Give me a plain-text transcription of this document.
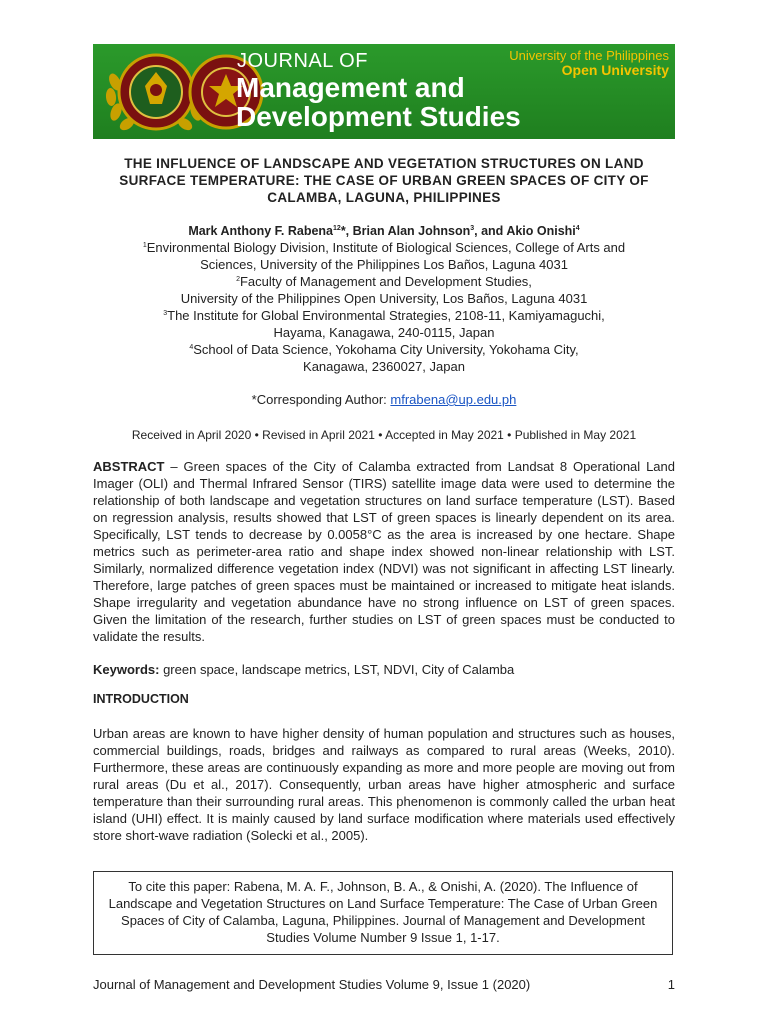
JOURNAL OF
Management and
Development Studies
University of the Philippines
Open University
THE INFLUENCE OF LANDSCAPE AND VEGETATION STRUCTURES ON LAND
SURFACE TEMPERATURE: THE CASE OF URBAN GREEN SPACES OF CITY OF
CALAMBA, LAGUNA, PHILIPPINES
Mark Anthony F. Rabena$^{12}$*, Brian Alan Johnson$^3$, and Akio Onishi$^4$
$^1$Environmental Biology Division, Institute of Biological Sciences, College of Arts and
Sciences, University of the Philippines Los Baños, Laguna 4031
$^2$Faculty of Management and Development Studies,
University of the Philippines Open University, Los Baños, Laguna 4031
$^3$The Institute for Global Environmental Strategies, 2108-11, Kamiyamaguchi,
Hayama, Kanagawa, 240-0115, Japan
$^4$School of Data Science, Yokohama City University, Yokohama City,
Kanagawa, 2360027, Japan
*Corresponding Author: mfrabena@up.edu.ph
Received in April 2020 • Revised in April 2021 • Accepted in May 2021 • Published in May 2021
ABSTRACT – Green spaces of the City of Calamba extracted from Landsat 8 Operational Land Imager (OLI) and Thermal Infrared Sensor (TIRS) satellite image data were used to determine the relationship of both landscape and vegetation structures on land surface temperature (LST). Based on regression analysis, results showed that LST of green spaces is linearly dependent on its area. Specifically, LST tends to decrease by 0.0058°C as the area is increased by one hectare. Shape metrics such as perimeter-area ratio and shape index showed non-linear relationship with LST. Similarly, normalized difference vegetation index (NDVI) was not significant in affecting LST linearly. Therefore, large patches of green spaces must be maintained or increased to mitigate heat islands. Shape irregularity and vegetation abundance have no strong influence on LST of green spaces. Given the limitation of the research, further studies on LST of green spaces must be conducted to validate the results.
Keywords: green space, landscape metrics, LST, NDVI, City of Calamba
INTRODUCTION
Urban areas are known to have higher density of human population and structures such as houses, commercial buildings, roads, bridges and railways as compared to rural areas (Weeks, 2010). Furthermore, these areas are continuously expanding as more and more people are moving out from rural areas (Du et al., 2017). Consequently, urban areas have higher atmospheric and surface temperature than their surrounding rural areas. This phenomenon is commonly called the urban heat island (UHI) effect. It is mainly caused by land surface modification where materials used effectively store short-wave radiation (Solecki et al., 2005).
To cite this paper: Rabena, M. A. F., Johnson, B. A., & Onishi, A. (2020). The Influence of Landscape and Vegetation Structures on Land Surface Temperature: The Case of Urban Green Spaces of City of Calamba, Laguna, Philippines. Journal of Management and Development Studies Volume Number 9 Issue 1, 1-17.
Journal of Management and Development Studies Volume 9, Issue 1 (2020)	1
